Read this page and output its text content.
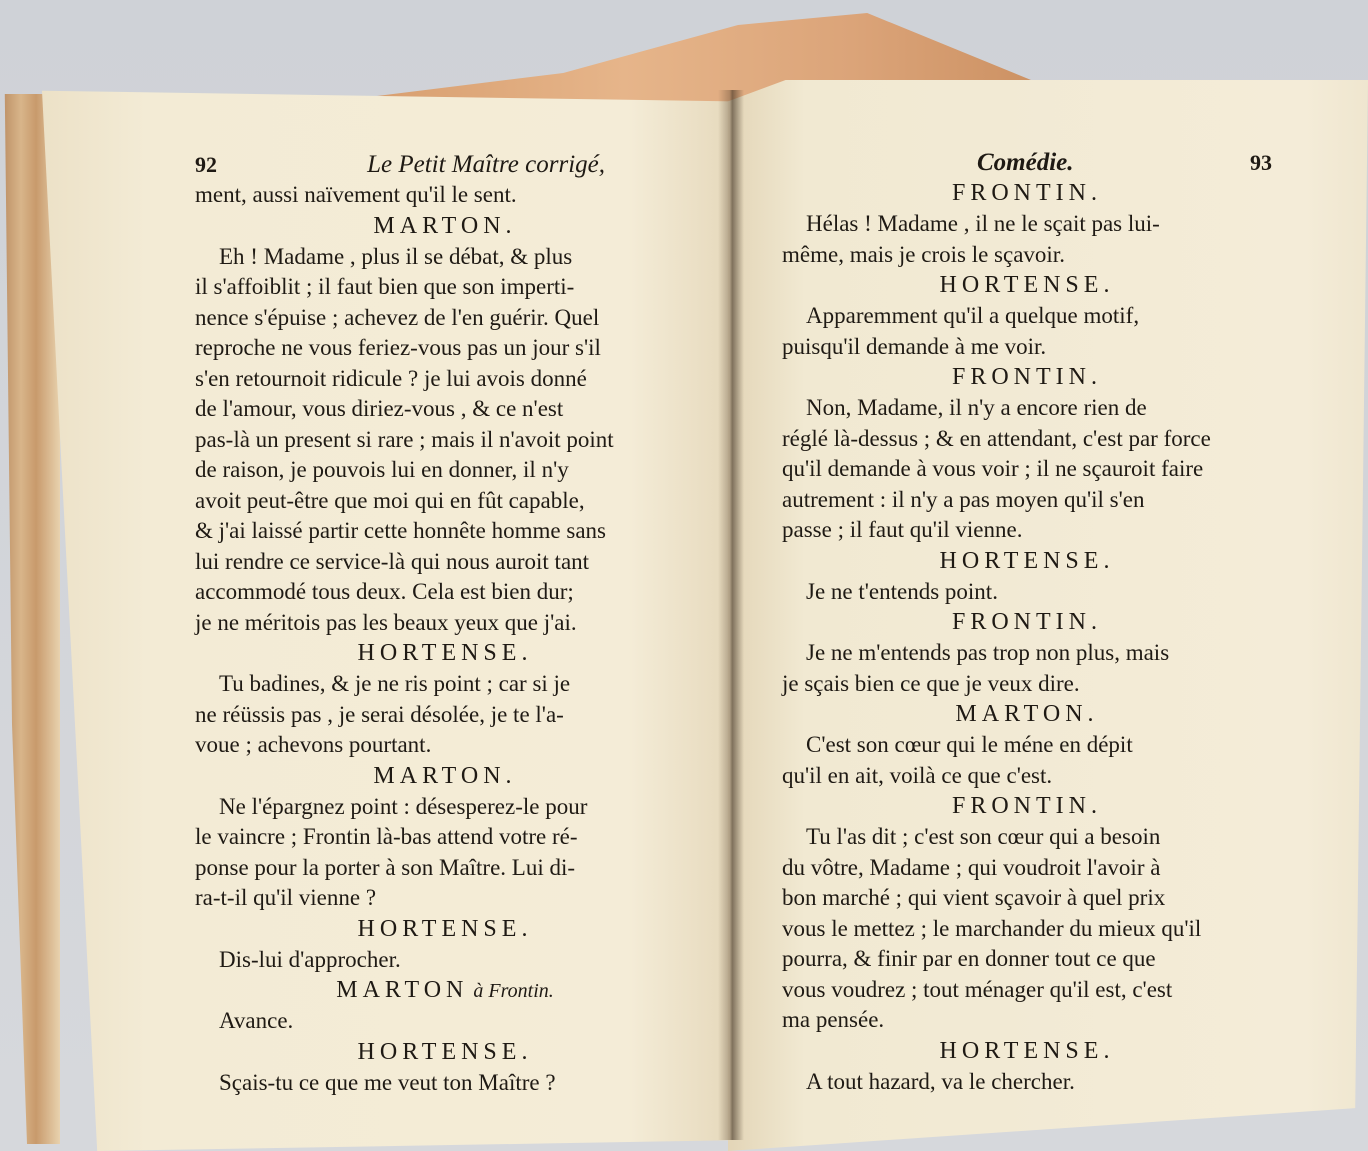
92	Le Petit Maître corrigé,
ment, aussi naïvement qu'il le sent.
MARTON.
Eh ! Madame , plus il se débat, & plus
il s'affoiblit ; il faut bien que son imperti-
nence s'épuise ; achevez de l'en guérir. Quel
reproche ne vous feriez-vous pas un jour s'il
s'en retournoit ridicule ? je lui avois donné
de l'amour, vous diriez-vous , & ce n'est
pas-là un present si rare ; mais il n'avoit point
de raison, je pouvois lui en donner, il n'y
avoit peut-être que moi qui en fût capable,
& j'ai laissé partir cette honnête homme sans
lui rendre ce service-là qui nous auroit tant
accommodé tous deux. Cela est bien dur;
je ne méritois pas les beaux yeux que j'ai.
HORTENSE.
Tu badines, & je ne ris point ; car si je
ne réüssis pas , je serai désolée, je te l'a-
voue ; achevons pourtant.
MARTON.
Ne l'épargnez point : désesperez-le pour
le vaincre ; Frontin là-bas attend votre ré-
ponse pour la porter à son Maître. Lui di-
ra-t-il qu'il vienne ?
HORTENSE.
Dis-lui d'approcher.
MARTON à Frontin.
Avance.
HORTENSE.
Sçais-tu ce que me veut ton Maître ?
Comédie.	93
FRONTIN.
Hélas ! Madame , il ne le sçait pas lui-
même, mais je crois le sçavoir.
HORTENSE.
Apparemment qu'il a quelque motif,
puisqu'il demande à me voir.
FRONTIN.
Non, Madame, il n'y a encore rien de
réglé là-dessus ; & en attendant, c'est par force
qu'il demande à vous voir ; il ne sçauroit faire
autrement : il n'y a pas moyen qu'il s'en
passe ; il faut qu'il vienne.
HORTENSE.
Je ne t'entends point.
FRONTIN.
Je ne m'entends pas trop non plus, mais
je sçais bien ce que je veux dire.
MARTON.
C'est son cœur qui le méne en dépit
qu'il en ait, voilà ce que c'est.
FRONTIN.
Tu l'as dit ; c'est son cœur qui a besoin
du vôtre, Madame ; qui voudroit l'avoir à
bon marché ; qui vient sçavoir à quel prix
vous le mettez ; le marchander du mieux qu'il
pourra, & finir par en donner tout ce que
vous voudrez ; tout ménager qu'il est, c'est
ma pensée.
HORTENSE.
A tout hazard, va le chercher.
